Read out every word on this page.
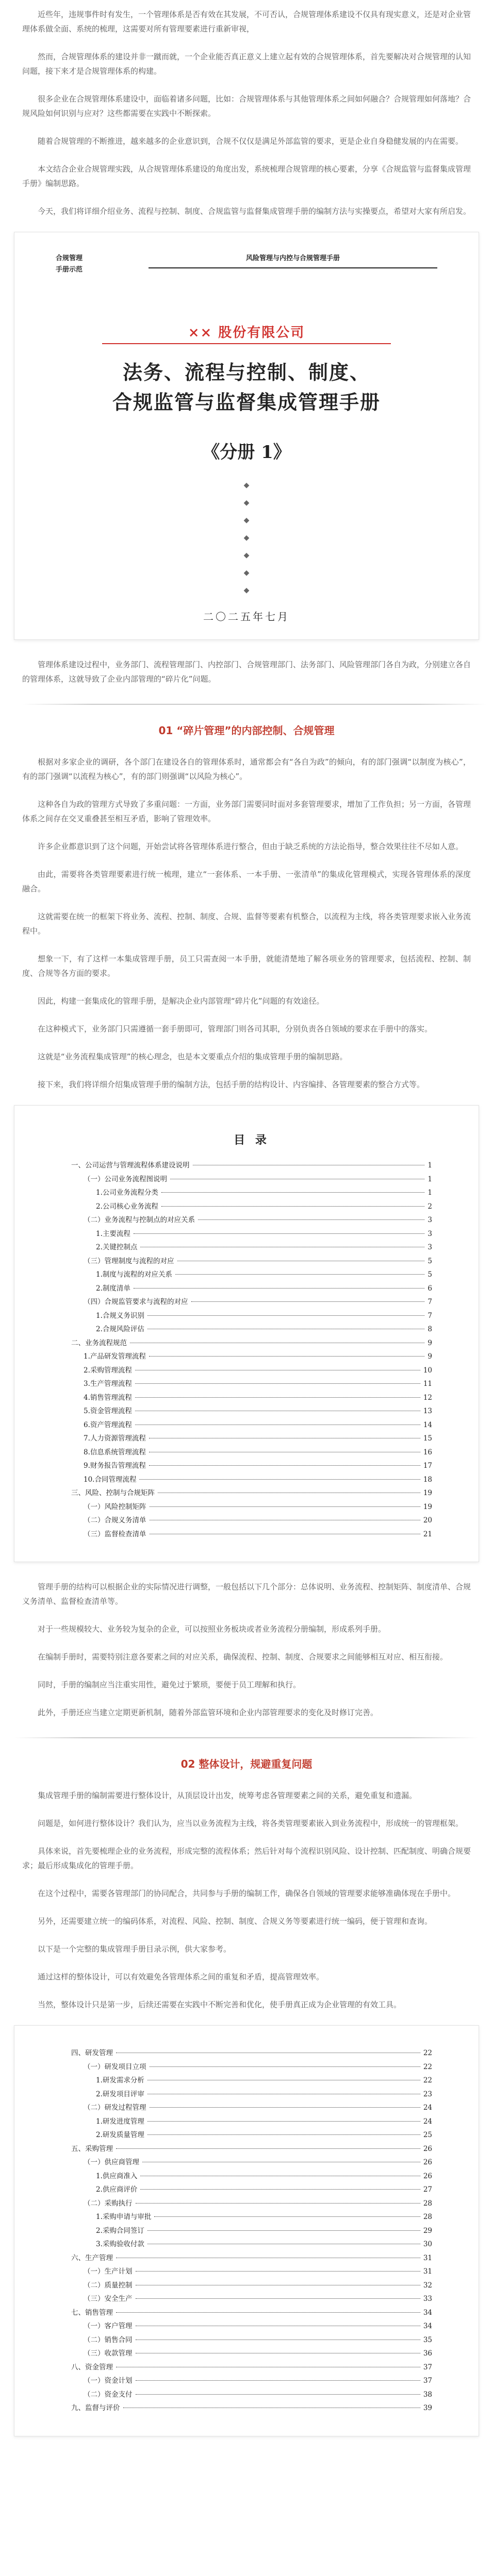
近些年，违规事件时有发生，一个管理体系是否有效在其发展，不可否认，合规管理体系建设不仅具有现实意义，还是对企业管理体系做全面、系统的梳理，这需要对所有管理要素进行重新审视，

然而，合规管理体系的建设并非一蹴而就，一个企业能否真正意义上建立起有效的合规管理体系，首先要解决对合规管理的认知问题，接下来才是合规管理体系的构建。

很多企业在合规管理体系建设中，面临着诸多问题，比如：合规管理体系与其他管理体系之间如何融合？合规管理如何落地？合规风险如何识别与应对？这些都需要在实践中不断探索。

随着合规管理的不断推进，越来越多的企业意识到，合规不仅仅是满足外部监管的要求，更是企业自身稳健发展的内在需要。

本文结合企业合规管理实践，从合规管理体系建设的角度出发，系统梳理合规管理的核心要素，分享《合规监管与监督集成管理手册》编制思路。

今天，我们将详细介绍业务、流程与控制、制度、合规监管与监督集成管理手册的编制方法与实操要点，希望对大家有所启发。

合规管理
手册示范
风险管理与内控与合规管理手册
×× 股份有限公司
法务、流程与控制、制度、
合规监管与监督集成管理手册
《分册 1》
◆
◆
◆
◆
◆
◆
◆
二〇二五年七月

管理体系建设过程中，业务部门、流程管理部门、内控部门、合规管理部门、法务部门、风险管理部门各自为政，分别建立各自的管理体系，这就导致了企业内部管理的“碎片化”问题。

01 “碎片管理”的内部控制、合规管理

根据对多家企业的调研，各个部门在建设各自的管理体系时，通常都会有“各自为政”的倾向，有的部门强调“以制度为核心”，有的部门强调“以流程为核心”，有的部门则强调“以风险为核心”。

这种各自为政的管理方式导致了多重问题：一方面，业务部门需要同时面对多套管理要求，增加了工作负担；另一方面，各管理体系之间存在交叉重叠甚至相互矛盾，影响了管理效率。

许多企业都意识到了这个问题，开始尝试将各管理体系进行整合，但由于缺乏系统的方法论指导，整合效果往往不尽如人意。

由此，需要将各类管理要素进行统一梳理，建立“一套体系、一本手册、一张清单”的集成化管理模式，实现各管理体系的深度融合。

这就需要在统一的框架下将业务、流程、控制、制度、合规、监督等要素有机整合，以流程为主线，将各类管理要求嵌入业务流程中。

想象一下，有了这样一本集成管理手册，员工只需查阅一本手册，就能清楚地了解各项业务的管理要求，包括流程、控制、制度、合规等各方面的要求。

因此，构建一套集成化的管理手册，是解决企业内部管理“碎片化”问题的有效途径。

在这种模式下，业务部门只需遵循一套手册即可，管理部门则各司其职，分别负责各自领域的要求在手册中的落实。

这就是“业务流程集成管理”的核心理念，也是本文要重点介绍的集成管理手册的编制思路。

接下来，我们将详细介绍集成管理手册的编制方法，包括手册的结构设计、内容编排、各管理要素的整合方式等。

目 录
一、公司运营与管理流程体系建设说明	1
（一）公司业务流程图说明	1
1.公司业务流程分类	1
2.公司核心业务流程	2
（二）业务流程与控制点的对应关系	3
1.主要流程	3
2.关键控制点	3
（三）管理制度与流程的对应	5
1.制度与流程的对应关系	5
2.制度清单	6
（四）合规监管要求与流程的对应	7
1.合规义务识别	7
2.合规风险评估	8
二、业务流程规范	9
1.产品研发管理流程	9
2.采购管理流程	10
3.生产管理流程	11
4.销售管理流程	12
5.资金管理流程	13
6.资产管理流程	14
7.人力资源管理流程	15
8.信息系统管理流程	16
9.财务报告管理流程	17
10.合同管理流程	18
三、风险、控制与合规矩阵	19
（一）风险控制矩阵	19
（二）合规义务清单	20
（三）监督检查清单	21

管理手册的结构可以根据企业的实际情况进行调整，一般包括以下几个部分：总体说明、业务流程、控制矩阵、制度清单、合规义务清单、监督检查清单等。

对于一些规模较大、业务较为复杂的企业，可以按照业务板块或者业务流程分册编制，形成系列手册。

在编制手册时，需要特别注意各要素之间的对应关系，确保流程、控制、制度、合规要求之间能够相互对应、相互衔接。

同时，手册的编制应当注重实用性，避免过于繁琐，要便于员工理解和执行。

此外，手册还应当建立定期更新机制，随着外部监管环境和企业内部管理要求的变化及时修订完善。

02 整体设计，规避重复问题

集成管理手册的编制需要进行整体设计，从顶层设计出发，统筹考虑各管理要素之间的关系，避免重复和遗漏。

问题是，如何进行整体设计？我们认为，应当以业务流程为主线，将各类管理要素嵌入到业务流程中，形成统一的管理框架。

具体来说，首先要梳理企业的业务流程，形成完整的流程体系；然后针对每个流程识别风险、设计控制、匹配制度、明确合规要求；最后形成集成化的管理手册。

在这个过程中，需要各管理部门的协同配合，共同参与手册的编制工作，确保各自领域的管理要求能够准确体现在手册中。

另外，还需要建立统一的编码体系，对流程、风险、控制、制度、合规义务等要素进行统一编码，便于管理和查询。

以下是一个完整的集成管理手册目录示例，供大家参考。

通过这样的整体设计，可以有效避免各管理体系之间的重复和矛盾，提高管理效率。

当然，整体设计只是第一步，后续还需要在实践中不断完善和优化，使手册真正成为企业管理的有效工具。

四、研发管理	22
（一）研发项目立项	22
1.研发需求分析	22
2.研发项目评审	23
（二）研发过程管理	24
1.研发进度管理	24
2.研发质量管理	25
五、采购管理	26
（一）供应商管理	26
1.供应商准入	26
2.供应商评价	27
（二）采购执行	28
1.采购申请与审批	28
2.采购合同签订	29
3.采购验收付款	30
六、生产管理	31
（一）生产计划	31
（二）质量控制	32
（三）安全生产	33
七、销售管理	34
（一）客户管理	34
（二）销售合同	35
（三）收款管理	36
八、资金管理	37
（一）资金计划	37
（二）资金支付	38
九、监督与评价	39
